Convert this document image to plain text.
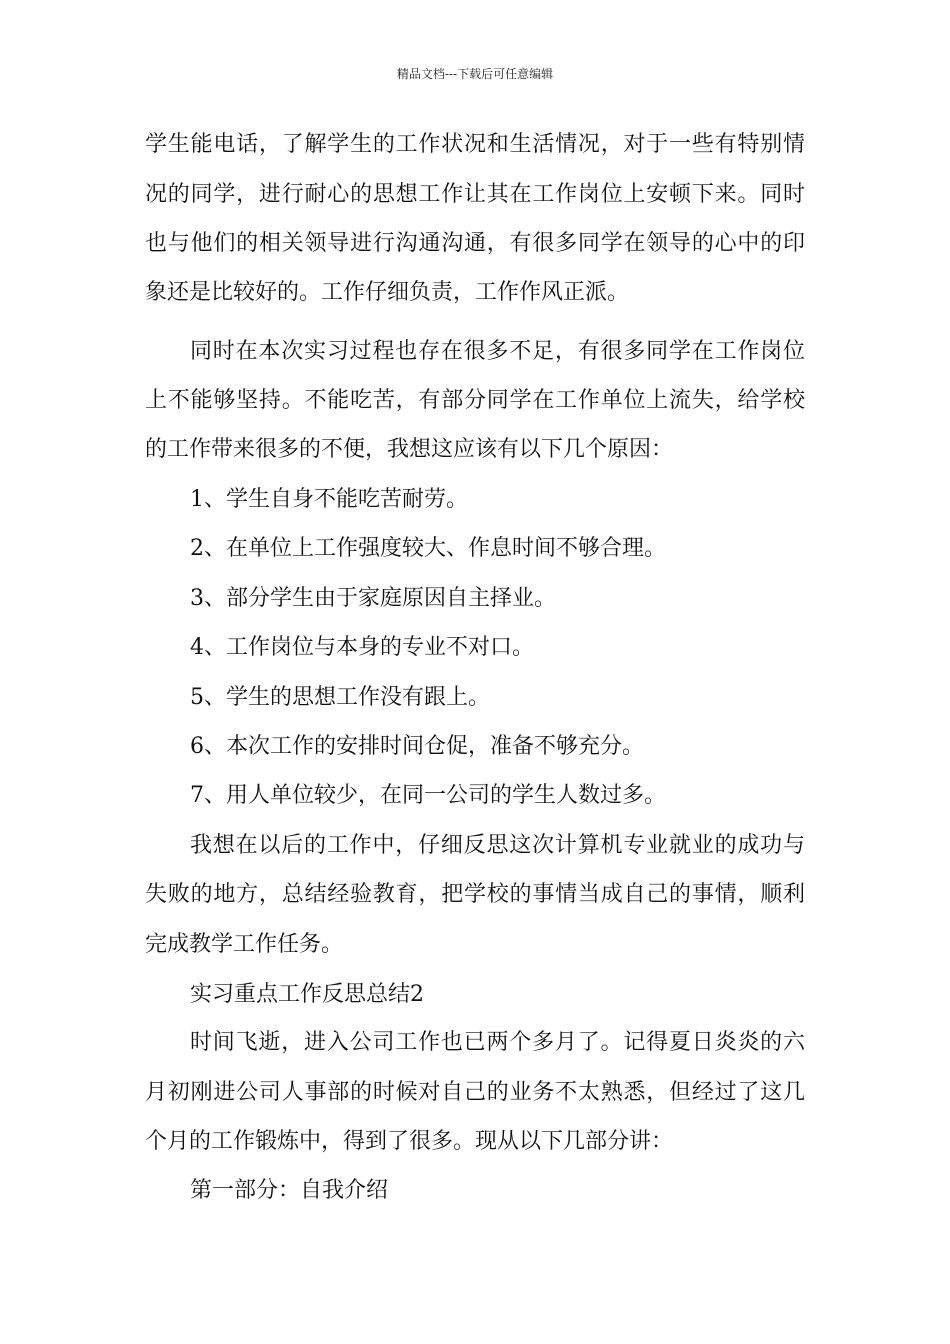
精品文档---下载后可任意编辑
学生能电话，了解学生的工作状况和生活情况，对于一些有特别情
况的同学，进行耐心的思想工作让其在工作岗位上安顿下来。同时
也与他们的相关领导进行沟通沟通，有很多同学在领导的心中的印
象还是比较好的。工作仔细负责，工作作风正派。
同时在本次实习过程也存在很多不足，有很多同学在工作岗位
上不能够坚持。不能吃苦，有部分同学在工作单位上流失，给学校
的工作带来很多的不便，我想这应该有以下几个原因：
1、学生自身不能吃苦耐劳。
2、在单位上工作强度较大、作息时间不够合理。
3、部分学生由于家庭原因自主择业。
4、工作岗位与本身的专业不对口。
5、学生的思想工作没有跟上。
6、本次工作的安排时间仓促，准备不够充分。
7、用人单位较少，在同一公司的学生人数过多。
我想在以后的工作中，仔细反思这次计算机专业就业的成功与
失败的地方，总结经验教育，把学校的事情当成自己的事情，顺利
完成教学工作任务。
实习重点工作反思总结2
时间飞逝，进入公司工作也已两个多月了。记得夏日炎炎的六
月初刚进公司人事部的时候对自己的业务不太熟悉，但经过了这几
个月的工作锻炼中，得到了很多。现从以下几部分讲：
第一部分：自我介绍
